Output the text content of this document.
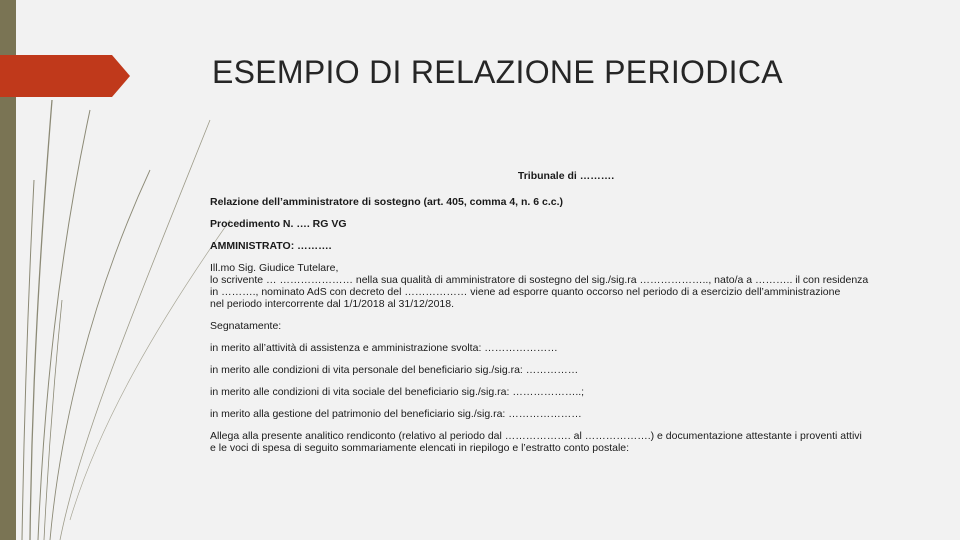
ESEMPIO DI RELAZIONE PERIODICA
Tribunale di ……….
Relazione dell’amministratore di sostegno (art. 405, comma 4, n. 6 c.c.)
Procedimento N. …. RG VG
AMMINISTRATO: ……….
Ill.mo Sig. Giudice Tutelare,
lo scrivente … ………………… nella sua qualità di amministratore di sostegno del sig./sig.ra ……………….., nato/a a ……….. il con residenza
in ………., nominato AdS con decreto del ……………… viene ad esporre quanto occorso nel periodo di a esercizio dell’amministrazione
nel periodo intercorrente dal 1/1/2018 al 31/12/2018.
Segnatamente:
in merito all’attività di assistenza e amministrazione svolta: …………………
in merito alle condizioni di vita personale del beneficiario sig./sig.ra: ……………
in merito alle condizioni di vita sociale del beneficiario sig./sig.ra: ………………..;
in merito alla gestione del patrimonio del beneficiario sig./sig.ra: …………………
Allega alla presente analitico rendiconto (relativo al periodo dal ………………. al ……………….) e documentazione attestante i proventi attivi
e le voci di spesa di seguito sommariamente elencati in riepilogo e l’estratto conto postale:
